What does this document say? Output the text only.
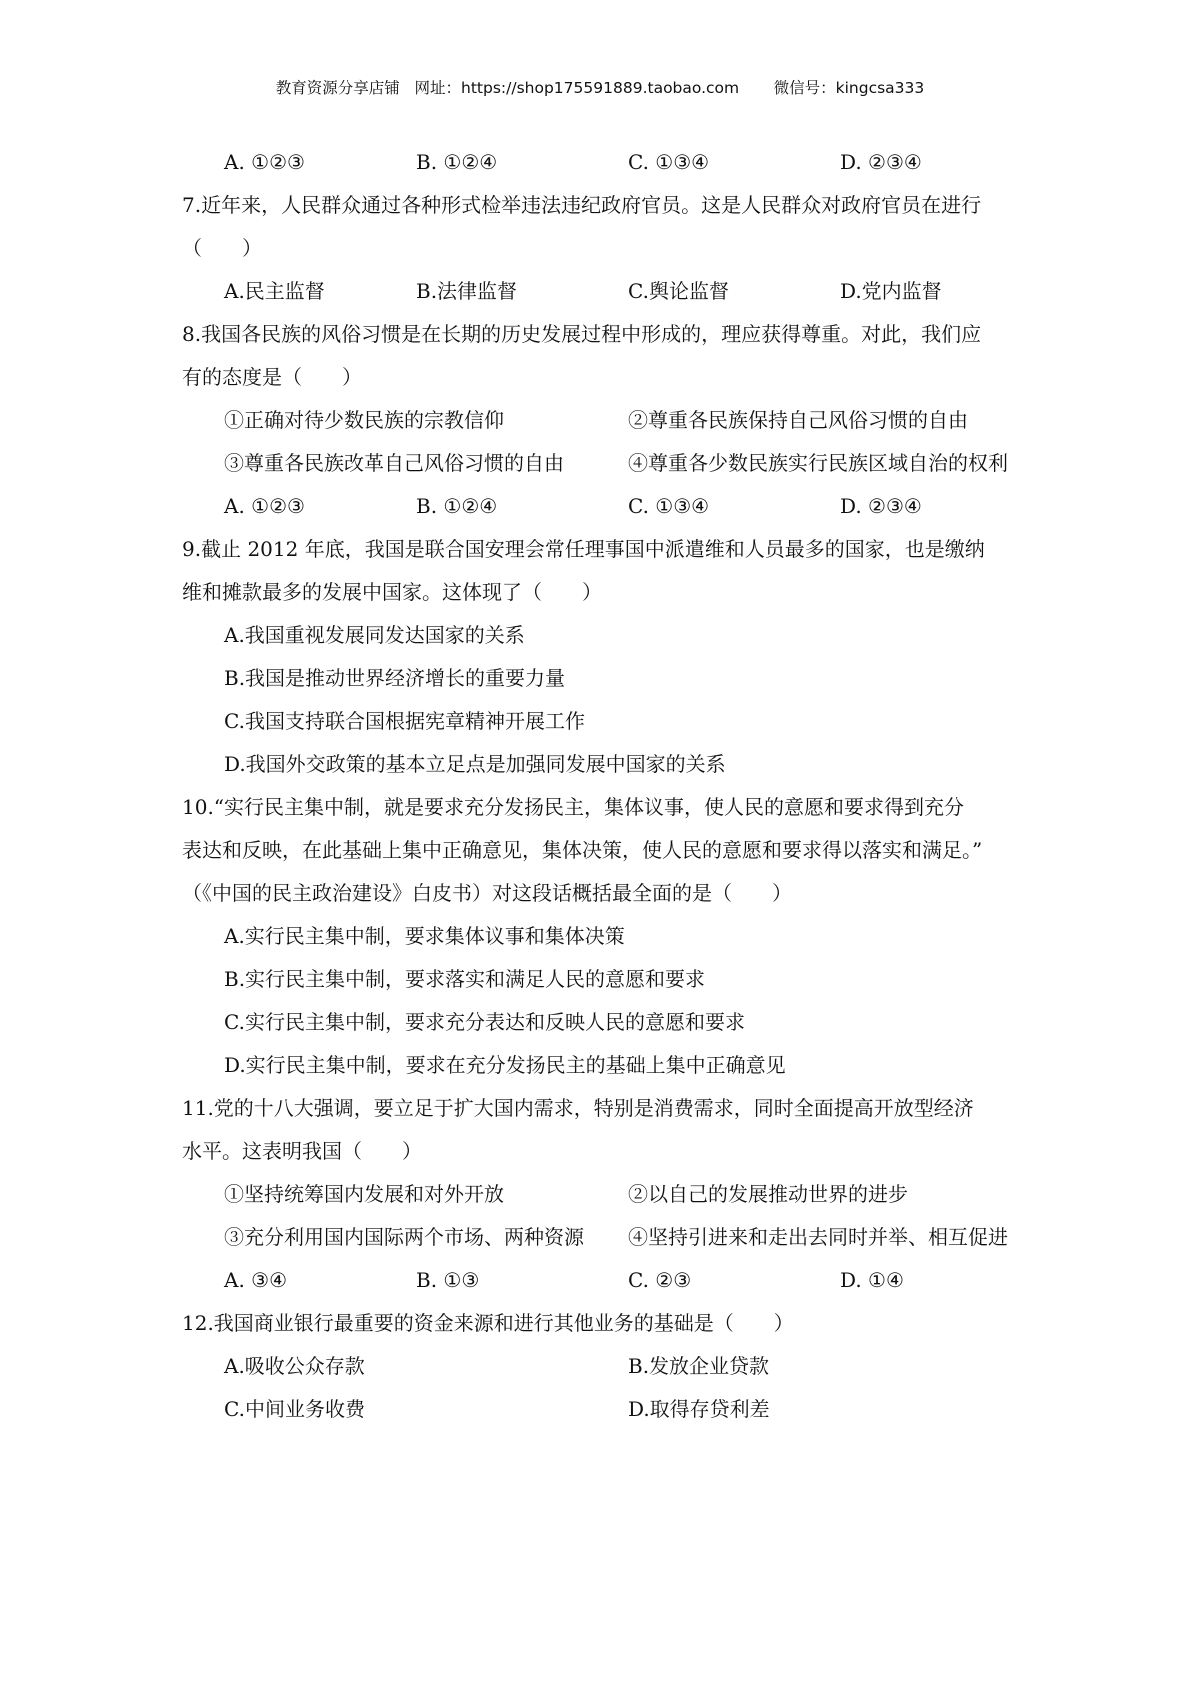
教育资源分享店铺   网址：https://shop175591889.taobao.com       微信号：kingcsa333
A. ①②③	B. ①②④	C. ①③④	D. ②③④
7.近年来，人民群众通过各种形式检举违法违纪政府官员。这是人民群众对政府官员在进行
（　　）
A.民主监督	B.法律监督	C.舆论监督	D.党内监督
8.我国各民族的风俗习惯是在长期的历史发展过程中形成的，理应获得尊重。对此，我们应
有的态度是（　　）
①正确对待少数民族的宗教信仰	②尊重各民族保持自己风俗习惯的自由
③尊重各民族改革自己风俗习惯的自由	④尊重各少数民族实行民族区域自治的权利
A. ①②③	B. ①②④	C. ①③④	D. ②③④
9.截止 2012 年底，我国是联合国安理会常任理事国中派遣维和人员最多的国家，也是缴纳
维和摊款最多的发展中国家。这体现了（　　）
A.我国重视发展同发达国家的关系
B.我国是推动世界经济增长的重要力量
C.我国支持联合国根据宪章精神开展工作
D.我国外交政策的基本立足点是加强同发展中国家的关系
10.“实行民主集中制，就是要求充分发扬民主，集体议事，使人民的意愿和要求得到充分
表达和反映，在此基础上集中正确意见，集体决策，使人民的意愿和要求得以落实和满足。”
（《中国的民主政治建设》白皮书）对这段话概括最全面的是（　　）
A.实行民主集中制，要求集体议事和集体决策
B.实行民主集中制，要求落实和满足人民的意愿和要求
C.实行民主集中制，要求充分表达和反映人民的意愿和要求
D.实行民主集中制，要求在充分发扬民主的基础上集中正确意见
11.党的十八大强调，要立足于扩大国内需求，特别是消费需求，同时全面提高开放型经济
水平。这表明我国（　　）
①坚持统筹国内发展和对外开放	②以自己的发展推动世界的进步
③充分利用国内国际两个市场、两种资源 ④坚持引进来和走出去同时并举、相互促进
A. ③④	B. ①③	C. ②③	D. ①④
12.我国商业银行最重要的资金来源和进行其他业务的基础是（　　）
A.吸收公众存款	B.发放企业贷款
C.中间业务收费	D.取得存贷利差
